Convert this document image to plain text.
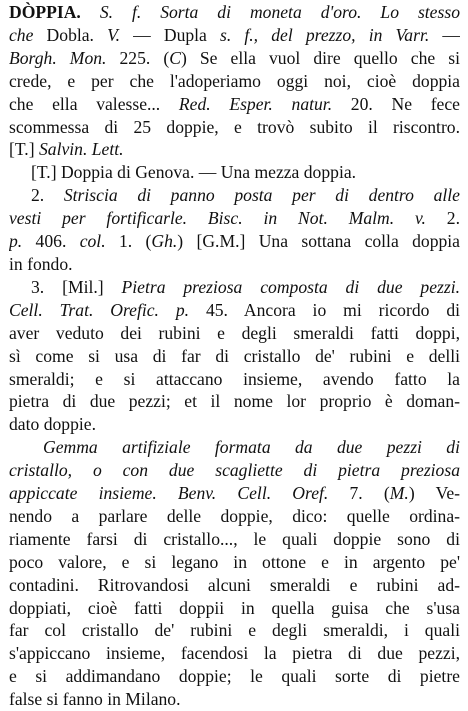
DÒPPIA. S. f. Sorta di moneta d'oro. Lo stesso
che Dobla. V. — Dupla s. f., del prezzo, in Varr. —
Borgh. Mon. 225. (C) Se ella vuol dire quello che si
crede, e per che l'adoperiamo oggi noi, cioè doppia
che ella valesse... Red. Esper. natur. 20. Ne fece
scommessa di 25 doppie, e trovò subito il riscontro.
[T.] Salvin. Lett.
[T.] Doppia di Genova. — Una mezza doppia.
2. Striscia di panno posta per di dentro alle
vesti per fortificarle. Bisc. in Not. Malm. v. 2.
p. 406. col. 1. (Gh.) [G.M.] Una sottana colla doppia
in fondo.
3. [Mil.] Pietra preziosa composta di due pezzi.
Cell. Trat. Orefic. p. 45. Ancora io mi ricordo di
aver veduto dei rubini e degli smeraldi fatti doppi,
sì come si usa di far di cristallo de' rubini e delli
smeraldi; e si attaccano insieme, avendo fatto la
pietra di due pezzi; et il nome lor proprio è doman-
dato doppie.
Gemma artifiziale formata da due pezzi di
cristallo, o con due scagliette di pietra preziosa
appiccate insieme. Benv. Cell. Oref. 7. (M.) Ve-
nendo a parlare delle doppie, dico: quelle ordina-
riamente farsi di cristallo..., le quali doppie sono di
poco valore, e si legano in ottone e in argento pe'
contadini. Ritrovandosi alcuni smeraldi e rubini ad-
doppiati, cioè fatti doppii in quella guisa che s'usa
far col cristallo de' rubini e degli smeraldi, i quali
s'appiccano insieme, facendosi la pietra di due pezzi,
e si addimandano doppie; le quali sorte di pietre
false si fanno in Milano.
